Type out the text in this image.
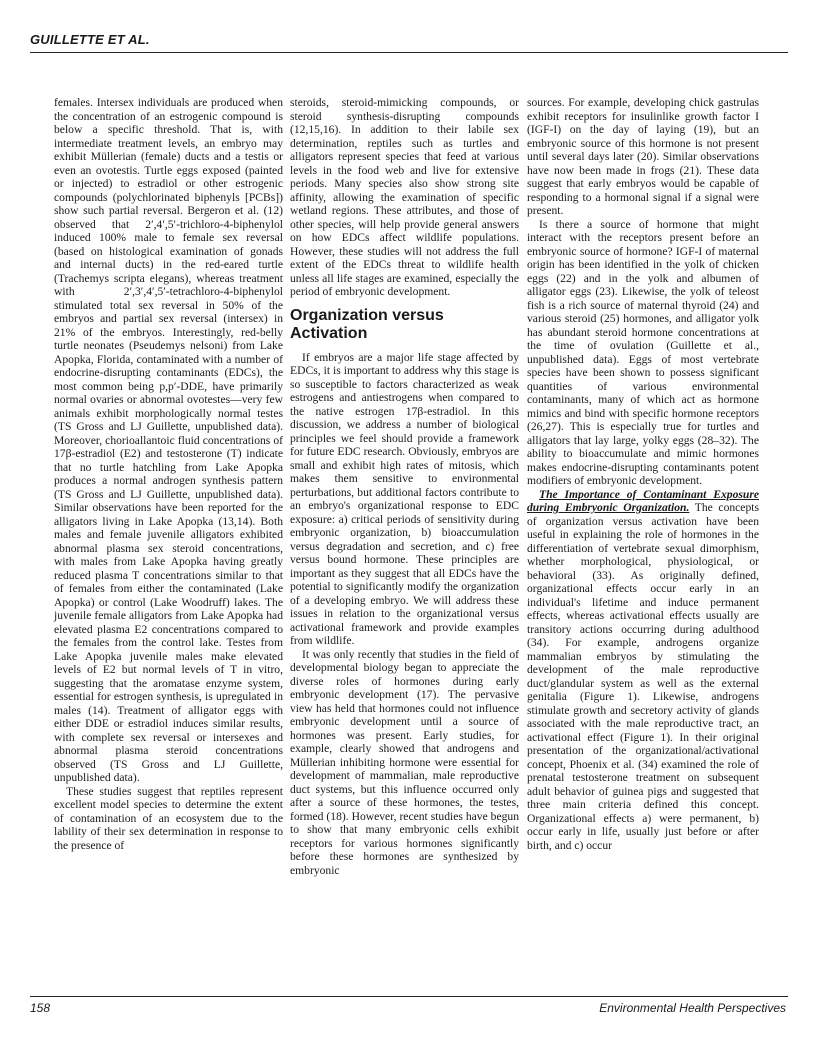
GUILLETTE ET AL.

females. Intersex individuals are produced when the concentration of an estrogenic compound is below a specific threshold. That is, with intermediate treatment levels, an embryo may exhibit Müllerian (female) ducts and a testis or even an ovotestis. Turtle eggs exposed (painted or injected) to estradiol or other estrogenic compounds (polychlorinated biphenyls [PCBs]) show such partial reversal. Bergeron et al. (12) observed that 2′,4′,5′-trichloro-4-biphenylol induced 100% male to female sex reversal (based on histological examination of gonads and internal ducts) in the red-eared turtle (Trachemys scripta elegans), whereas treatment with 2′,3′,4′,5′-tetrachloro-4-biphenylol stimulated total sex reversal in 50% of the embryos and partial sex reversal (intersex) in 21% of the embryos. Interestingly, red-belly turtle neonates (Pseudemys nelsoni) from Lake Apopka, Florida, contaminated with a number of endocrine-disrupting contaminants (EDCs), the most common being p,p′-DDE, have primarily normal ovaries or abnormal ovotestes—very few animals exhibit morphologically normal testes (TS Gross and LJ Guillette, unpublished data). Moreover, chorioallantoic fluid concentrations of 17β-estradiol (E2) and testosterone (T) indicate that no turtle hatchling from Lake Apopka produces a normal androgen synthesis pattern (TS Gross and LJ Guillette, unpublished data). Similar observations have been reported for the alligators living in Lake Apopka (13,14). Both males and female juvenile alligators exhibited abnormal plasma sex steroid concentrations, with males from Lake Apopka having greatly reduced plasma T concentrations similar to that of females from either the contaminated (Lake Apopka) or control (Lake Woodruff) lakes. The juvenile female alligators from Lake Apopka had elevated plasma E2 concentrations compared to the females from the control lake. Testes from Lake Apopka juvenile males make elevated levels of E2 but normal levels of T in vitro, suggesting that the aromatase enzyme system, essential for estrogen synthesis, is upregulated in males (14). Treatment of alligator eggs with either DDE or estradiol induces similar results, with complete sex reversal or intersexes and abnormal plasma steroid concentrations observed (TS Gross and LJ Guillette, unpublished data).

These studies suggest that reptiles represent excellent model species to determine the extent of contamination of an ecosystem due to the lability of their sex determination in response to the presence of

steroids, steroid-mimicking compounds, or steroid synthesis-disrupting compounds (12,15,16). In addition to their labile sex determination, reptiles such as turtles and alligators represent species that feed at various levels in the food web and live for extensive periods. Many species also show strong site affinity, allowing the examination of specific wetland regions. These attributes, and those of other species, will help provide general answers on how EDCs affect wildlife populations. However, these studies will not address the full extent of the EDCs threat to wildlife health unless all life stages are examined, especially the period of embryonic development.

Organization versus Activation

If embryos are a major life stage affected by EDCs, it is important to address why this stage is so susceptible to factors characterized as weak estrogens and antiestrogens when compared to the native estrogen 17β-estradiol. In this discussion, we address a number of biological principles we feel should provide a framework for future EDC research. Obviously, embryos are small and exhibit high rates of mitosis, which makes them sensitive to environmental perturbations, but additional factors contribute to an embryo's organizational response to EDC exposure: a) critical periods of sensitivity during embryonic organization, b) bioaccumulation versus degradation and secretion, and c) free versus bound hormone. These principles are important as they suggest that all EDCs have the potential to significantly modify the organization of a developing embryo. We will address these issues in relation to the organizational versus activational framework and provide examples from wildlife.

It was only recently that studies in the field of developmental biology began to appreciate the diverse roles of hormones during early embryonic development (17). The pervasive view has held that hormones could not influence embryonic development until a source of hormones was present. Early studies, for example, clearly showed that androgens and Müllerian inhibiting hormone were essential for development of mammalian, male reproductive duct systems, but this influence occurred only after a source of these hormones, the testes, formed (18). However, recent studies have begun to show that many embryonic cells exhibit receptors for various hormones significantly before these hormones are synthesized by embryonic

sources. For example, developing chick gastrulas exhibit receptors for insulinlike growth factor I (IGF-I) on the day of laying (19), but an embryonic source of this hormone is not present until several days later (20). Similar observations have now been made in frogs (21). These data suggest that early embryos would be capable of responding to a hormonal signal if a signal were present.

Is there a source of hormone that might interact with the receptors present before an embryonic source of hormone? IGF-I of maternal origin has been identified in the yolk of chicken eggs (22) and in the yolk and albumen of alligator eggs (23). Likewise, the yolk of teleost fish is a rich source of maternal thyroid (24) and various steroid (25) hormones, and alligator yolk has abundant steroid hormone concentrations at the time of ovulation (Guillette et al., unpublished data). Eggs of most vertebrate species have been shown to possess significant quantities of various environmental contaminants, many of which act as hormone mimics and bind with specific hormone receptors (26,27). This is especially true for turtles and alligators that lay large, yolky eggs (28–32). The ability to bioaccumulate and mimic hormones makes endocrine-disrupting contaminants potent modifiers of embryonic development.

The Importance of Contaminant Exposure during Embryonic Organization. The concepts of organization versus activation have been useful in explaining the role of hormones in the differentiation of vertebrate sexual dimorphism, whether morphological, physiological, or behavioral (33). As originally defined, organizational effects occur early in an individual's lifetime and induce permanent effects, whereas activational effects usually are transitory actions occurring during adulthood (34). For example, androgens organize mammalian embryos by stimulating the development of the male reproductive duct/glandular system as well as the external genitalia (Figure 1). Likewise, androgens stimulate growth and secretory activity of glands associated with the male reproductive tract, an activational effect (Figure 1). In their original presentation of the organizational/activational concept, Phoenix et al. (34) examined the role of prenatal testosterone treatment on subsequent adult behavior of guinea pigs and suggested that three main criteria defined this concept. Organizational effects a) were permanent, b) occur early in life, usually just before or after birth, and c) occur

158	Environmental Health Perspectives
